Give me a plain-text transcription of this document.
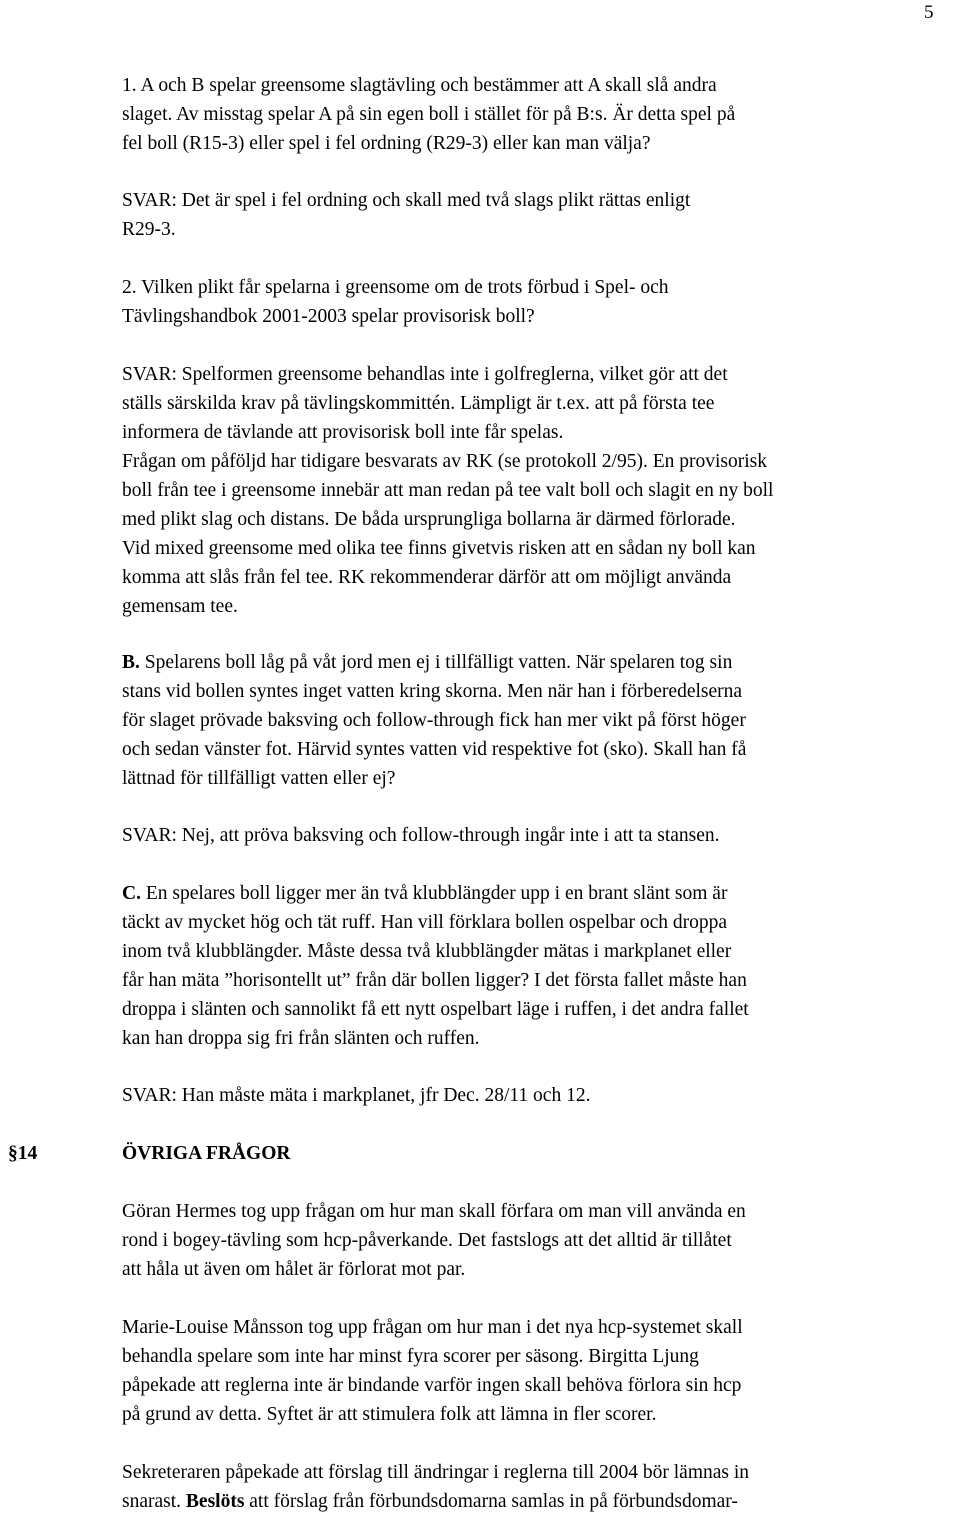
5
1. A och B spelar greensome slagtävling och bestämmer att A skall slå andra
slaget. Av misstag spelar A på sin egen boll i stället för på B:s. Är detta spel på
fel boll (R15-3) eller spel i fel ordning (R29-3) eller kan man välja?
SVAR: Det är spel i fel ordning och skall med två slags plikt rättas enligt
R29-3.
2. Vilken plikt får spelarna i greensome om de trots förbud i Spel- och
Tävlingshandbok 2001-2003 spelar provisorisk boll?
SVAR: Spelformen greensome behandlas inte i golfreglerna, vilket gör att det
ställs särskilda krav på tävlingskommittén. Lämpligt är t.ex. att på första tee
informera de tävlande att provisorisk boll inte får spelas.
Frågan om påföljd har tidigare besvarats av RK (se protokoll 2/95). En provisorisk
boll från tee i greensome innebär att man redan på tee valt boll och slagit en ny boll
med plikt slag och distans. De båda ursprungliga bollarna är därmed förlorade.
Vid mixed greensome med olika tee finns givetvis risken att en sådan ny boll kan
komma att slås från fel tee. RK rekommenderar därför att om möjligt använda
gemensam tee.
B. Spelarens boll låg på våt jord men ej i tillfälligt vatten. När spelaren tog sin
stans vid bollen syntes inget vatten kring skorna. Men när han i förberedelserna
för slaget prövade baksving och follow-through fick han mer vikt på först höger
och sedan vänster fot. Härvid syntes vatten vid respektive fot (sko). Skall han få
lättnad för tillfälligt vatten eller ej?
SVAR: Nej, att pröva baksving och follow-through ingår inte i att ta stansen.
C. En spelares boll ligger mer än två klubblängder upp i en brant slänt som är
täckt av mycket hög och tät ruff. Han vill förklara bollen ospelbar och droppa
inom två klubblängder. Måste dessa två klubblängder mätas i markplanet eller
får han mäta ”horisontellt ut” från där bollen ligger? I det första fallet måste han
droppa i slänten och sannolikt få ett nytt ospelbart läge i ruffen, i det andra fallet
kan han droppa sig fri från slänten och ruffen.
SVAR: Han måste mäta i markplanet, jfr Dec. 28/11 och 12.
§14	ÖVRIGA FRÅGOR
Göran Hermes tog upp frågan om hur man skall förfara om man vill använda en
rond i bogey-tävling som hcp-påverkande. Det fastslogs att det alltid är tillåtet
att håla ut även om hålet är förlorat mot par.
Marie-Louise Månsson tog upp frågan om hur man i det nya hcp-systemet skall
behandla spelare som inte har minst fyra scorer per säsong. Birgitta Ljung
påpekade att reglerna inte är bindande varför ingen skall behöva förlora sin hcp
på grund av detta. Syftet är att stimulera folk att lämna in fler scorer.
Sekreteraren påpekade att förslag till ändringar i reglerna till 2004 bör lämnas in
snarast. Beslöts att förslag från förbundsdomarna samlas in på förbundsdomar-
